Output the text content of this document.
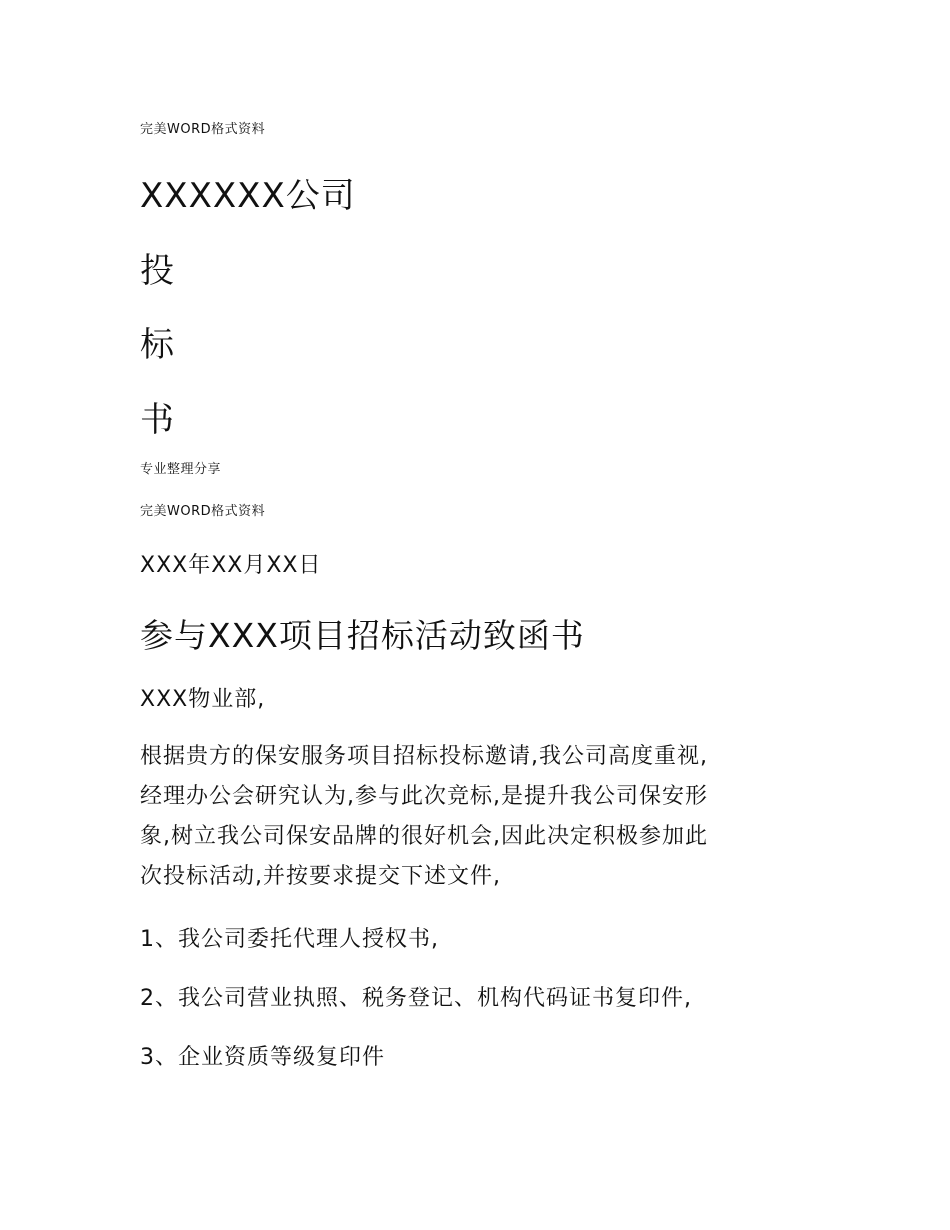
完美WORD格式资料

XXXXXX公司

投

标

书

专业整理分享

完美WORD格式资料

XXX年XX月XX日

参与XXX项目招标活动致函书

XXX物业部,

根据贵方的保安服务项目招标投标邀请,我公司高度重视,
经理办公会研究认为,参与此次竞标,是提升我公司保安形
象,树立我公司保安品牌的很好机会,因此决定积极参加此
次投标活动,并按要求提交下述文件,

1、我公司委托代理人授权书,

2、我公司营业执照、税务登记、机构代码证书复印件,

3、企业资质等级复印件
